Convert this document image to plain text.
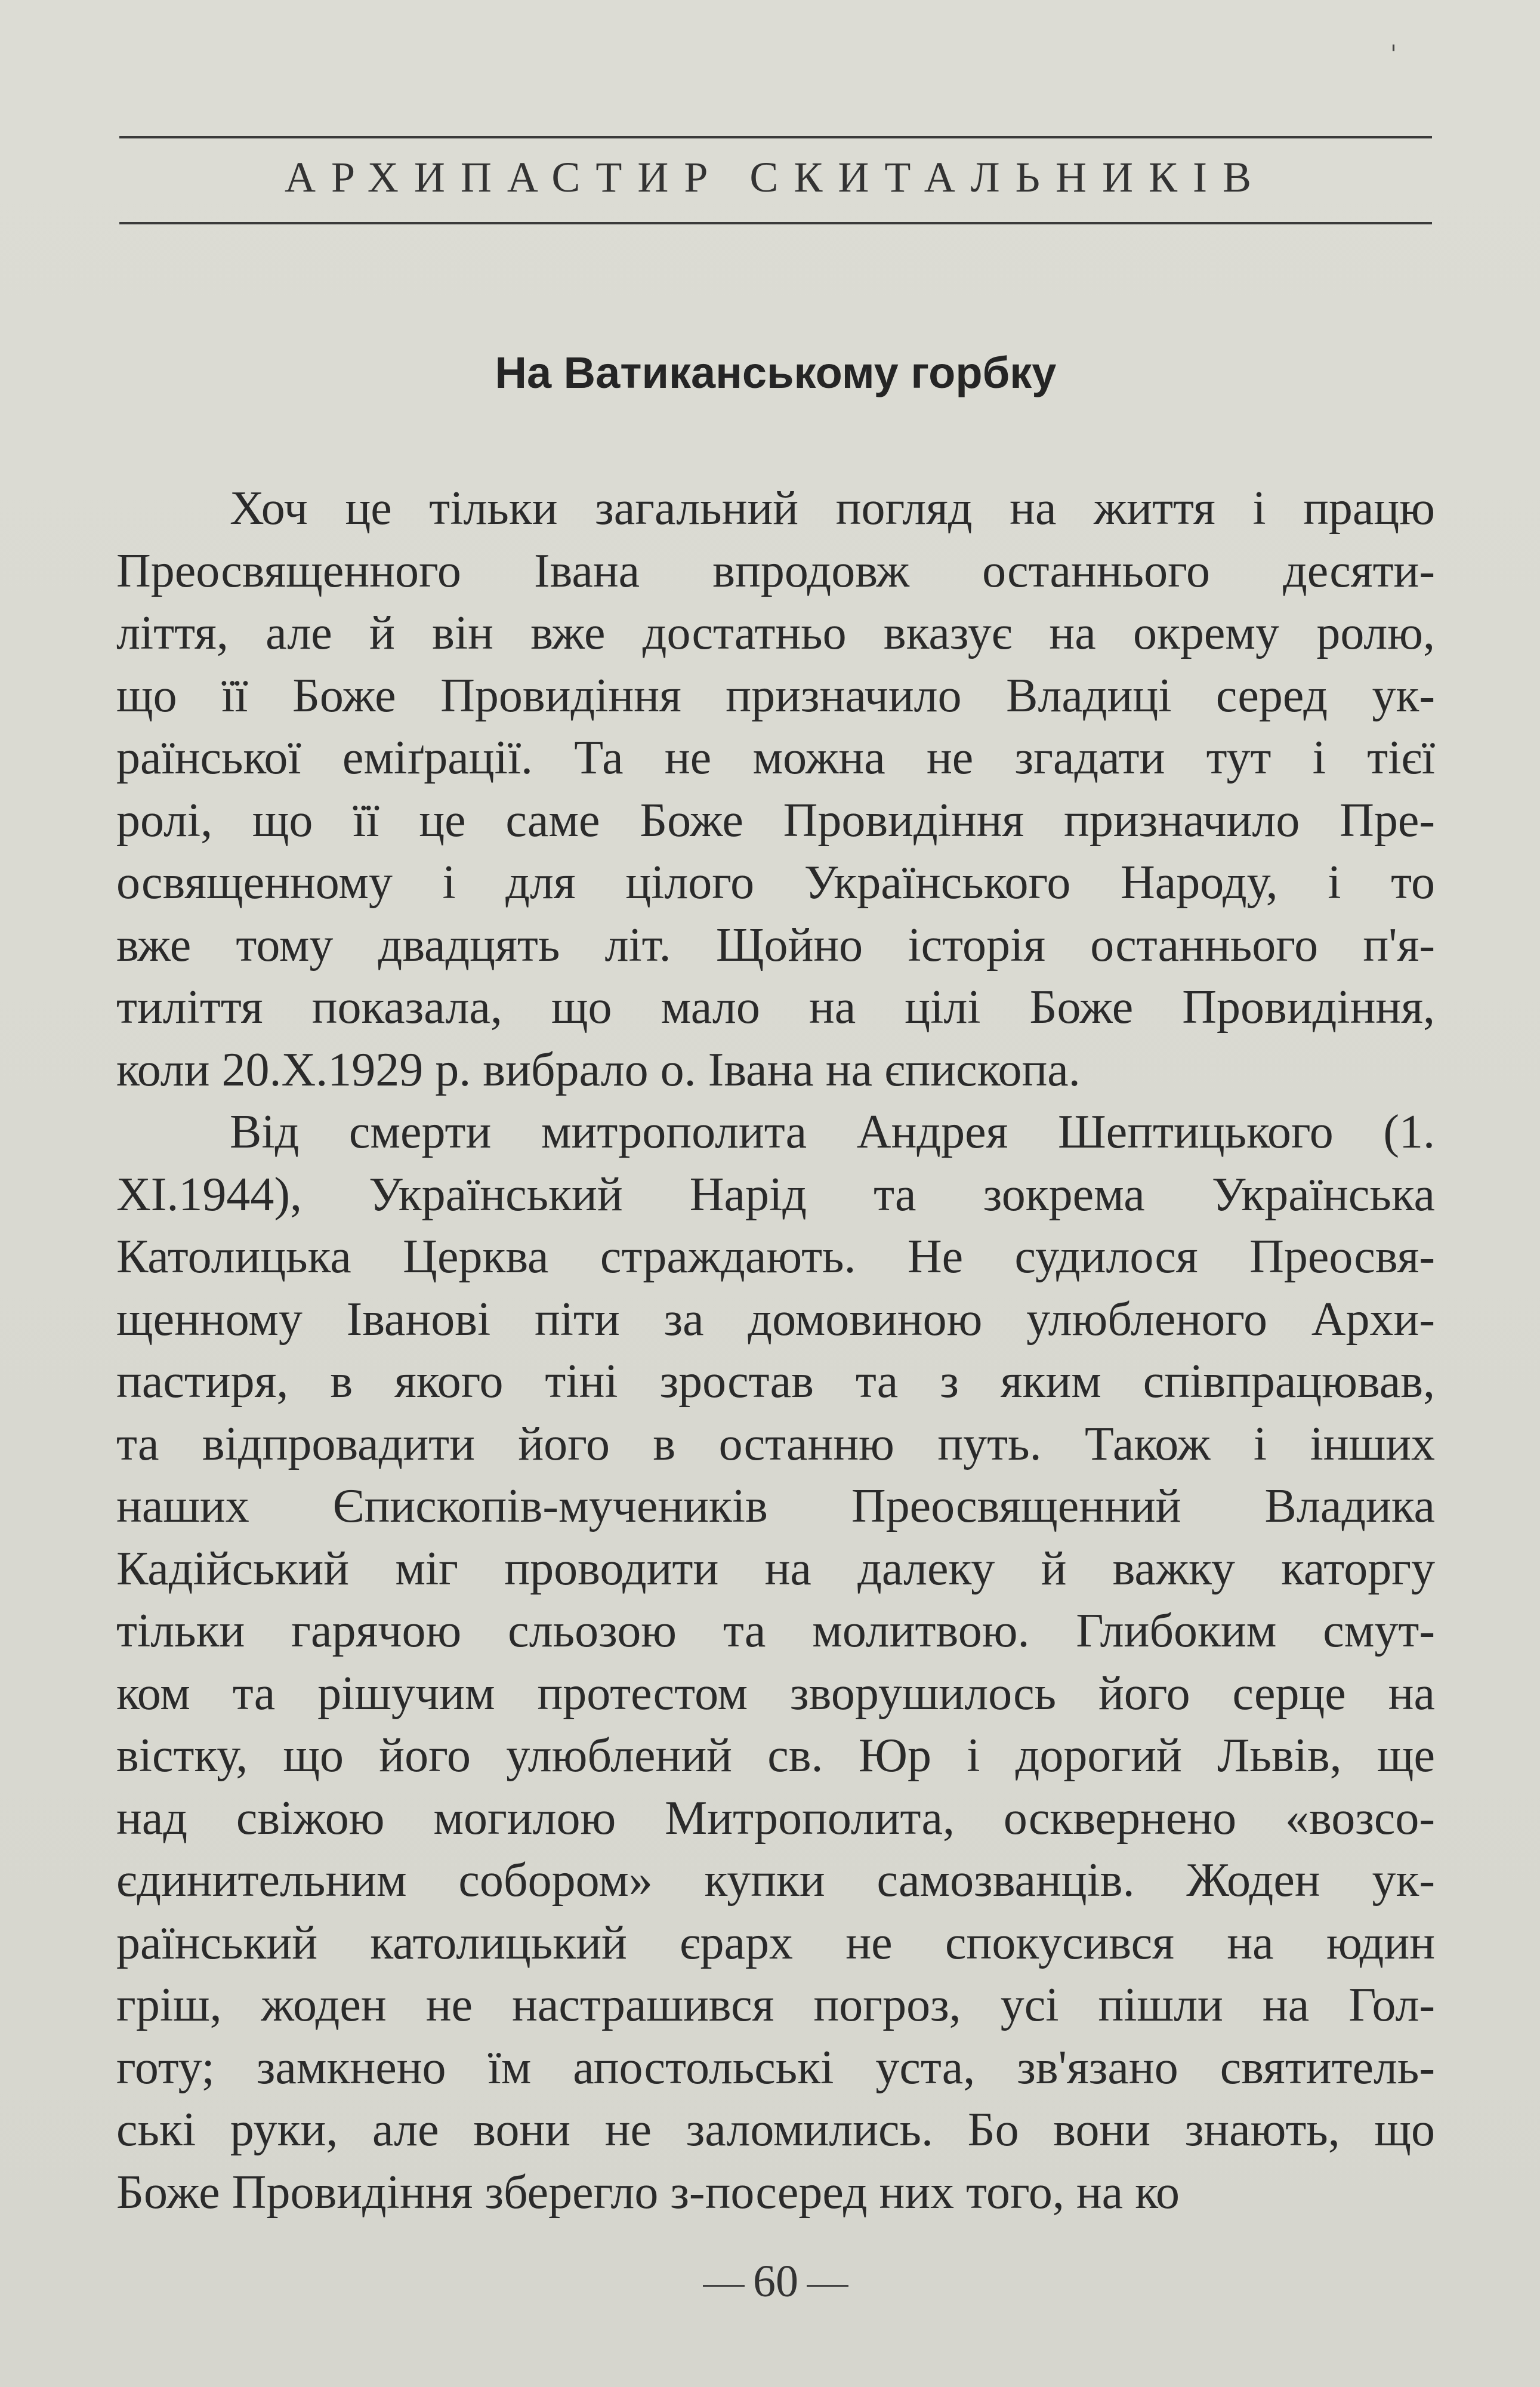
'
АРХИПАСТИР СКИТАЛЬНИКІВ
На Ватиканському горбку
Хоч це тільки загальний погляд на життя і працю
Преосвященного Івана впродовж останнього десяти-
ліття, але й він вже достатньо вказує на окрему ролю,
що її Боже Провидіння призначило Владиці серед ук-
раїнської еміґрації. Та не можна не згадати тут і тієї
ролі, що її це саме Боже Провидіння призначило Пре-
освященному і для цілого Українського Народу, і то
вже тому двадцять літ. Щойно історія останнього п'я-
тиліття показала, що мало на цілі Боже Провидіння,
коли 20.X.1929 р. вибрало о. Івана на єпископа.
Від смерти митрополита Андрея Шептицького (1.
XI.1944), Український Нарід та зокрема Українська
Католицька Церква страждають. Не судилося Преосвя-
щенному Іванові піти за домовиною улюбленого Архи-
пастиря, в якого тіні зростав та з яким співпрацював,
та відпровадити його в останню путь. Також і інших
наших Єпископів-мучеників Преосвященний Владика
Кадійський міг проводити на далеку й важку каторгу
тільки гарячою сльозою та молитвою. Глибоким смут-
ком та рішучим протестом зворушилось його серце на
вістку, що його улюблений св. Юр і дорогий Львів, ще
над свіжою могилою Митрополита, осквернено «возсо-
єдинительним собором» купки самозванців. Жоден ук-
раїнський католицький єрарх не спокусився на юдин
гріш, жоден не настрашився погроз, усі пішли на Гол-
готу; замкнено їм апостольські уста, зв'язано святитель-
ські руки, але вони не заломились. Бо вони знають, що
Боже Провидіння зберегло з-посеред них того, на ко
60
